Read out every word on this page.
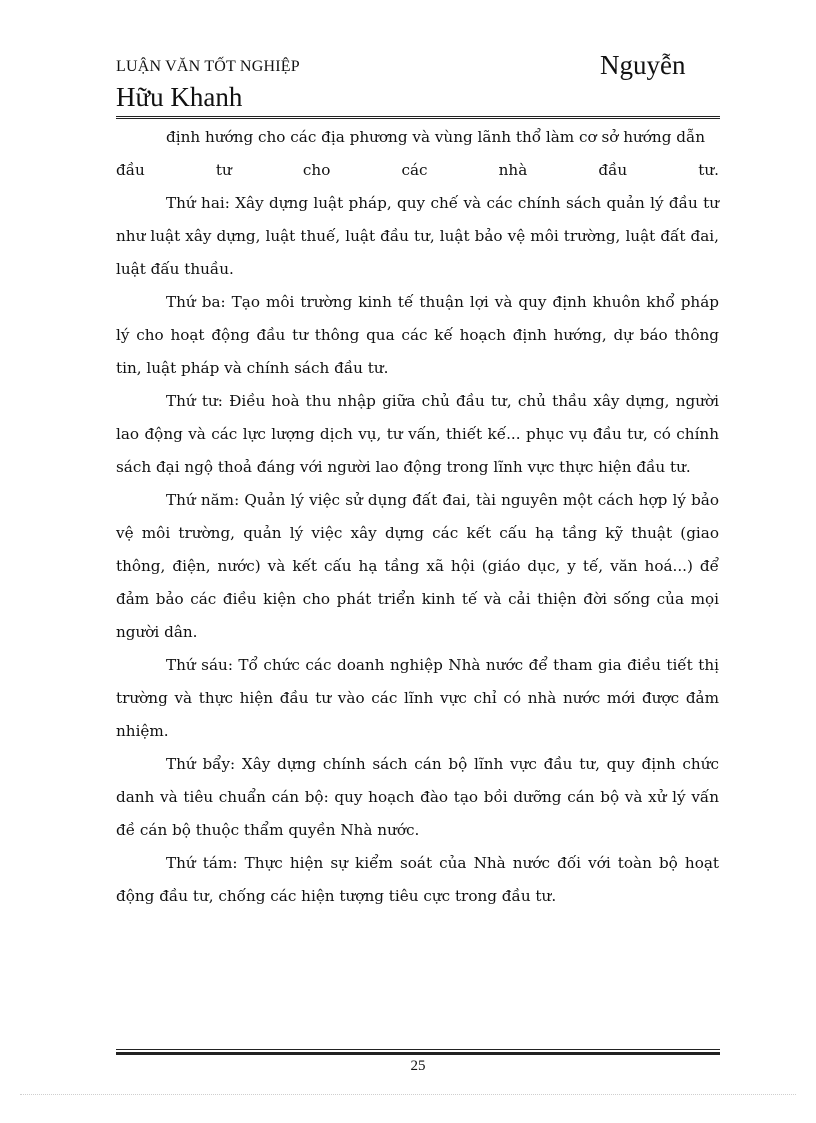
LUẬN VĂN TỐT NGHIỆP	Nguyễn
Hữu Khanh

định hướng cho các địa phương và vùng lãnh thổ làm cơ sở hướng dẫn

đầu tư cho các nhà đầu tư.

Thứ hai: Xây dựng luật pháp, quy chế và các chính sách quản lý đầu tư như luật xây dựng, luật thuế, luật đầu tư, luật bảo vệ môi trường, luật đất đai, luật đấu thuầu.

Thứ ba: Tạo môi trường kinh tế thuận lợi và quy định khuôn khổ pháp lý cho hoạt động đầu tư thông qua các kế hoạch định hướng, dự báo thông tin, luật pháp và chính sách đầu tư.

Thứ tư: Điều hoà thu nhập giữa chủ đầu tư, chủ thầu xây dựng, người lao động và các lực lượng dịch vụ, tư vấn, thiết kế... phục vụ đầu tư, có chính sách đại ngộ thoả đáng với người lao động trong lĩnh vực thực hiện đầu tư.

Thứ năm: Quản lý việc sử dụng đất đai, tài nguyên một cách hợp lý bảo vệ môi trường, quản lý việc xây dựng các kết cấu hạ tầng kỹ thuật (giao thông, điện, nước) và kết cấu hạ tầng xã hội (giáo dục, y tế, văn hoá...) để đảm bảo các điều kiện cho phát triển kinh tế và cải thiện đời sống của mọi người dân.

Thứ sáu: Tổ chức các doanh nghiệp Nhà nước để tham gia điều tiết thị trường và thực hiện đầu tư vào các lĩnh vực chỉ có nhà nước mới được đảm nhiệm.

Thứ bẩy: Xây dựng chính sách cán bộ lĩnh vực đầu tư, quy định chức danh và tiêu chuẩn cán bộ: quy hoạch đào tạo bồi dưỡng cán bộ và xử lý vấn đề cán bộ thuộc thẩm quyền Nhà nước.

Thứ tám: Thực hiện sự kiểm soát của Nhà nước đối với toàn bộ hoạt động đầu tư, chống các hiện tượng tiêu cực trong đầu tư.

25
